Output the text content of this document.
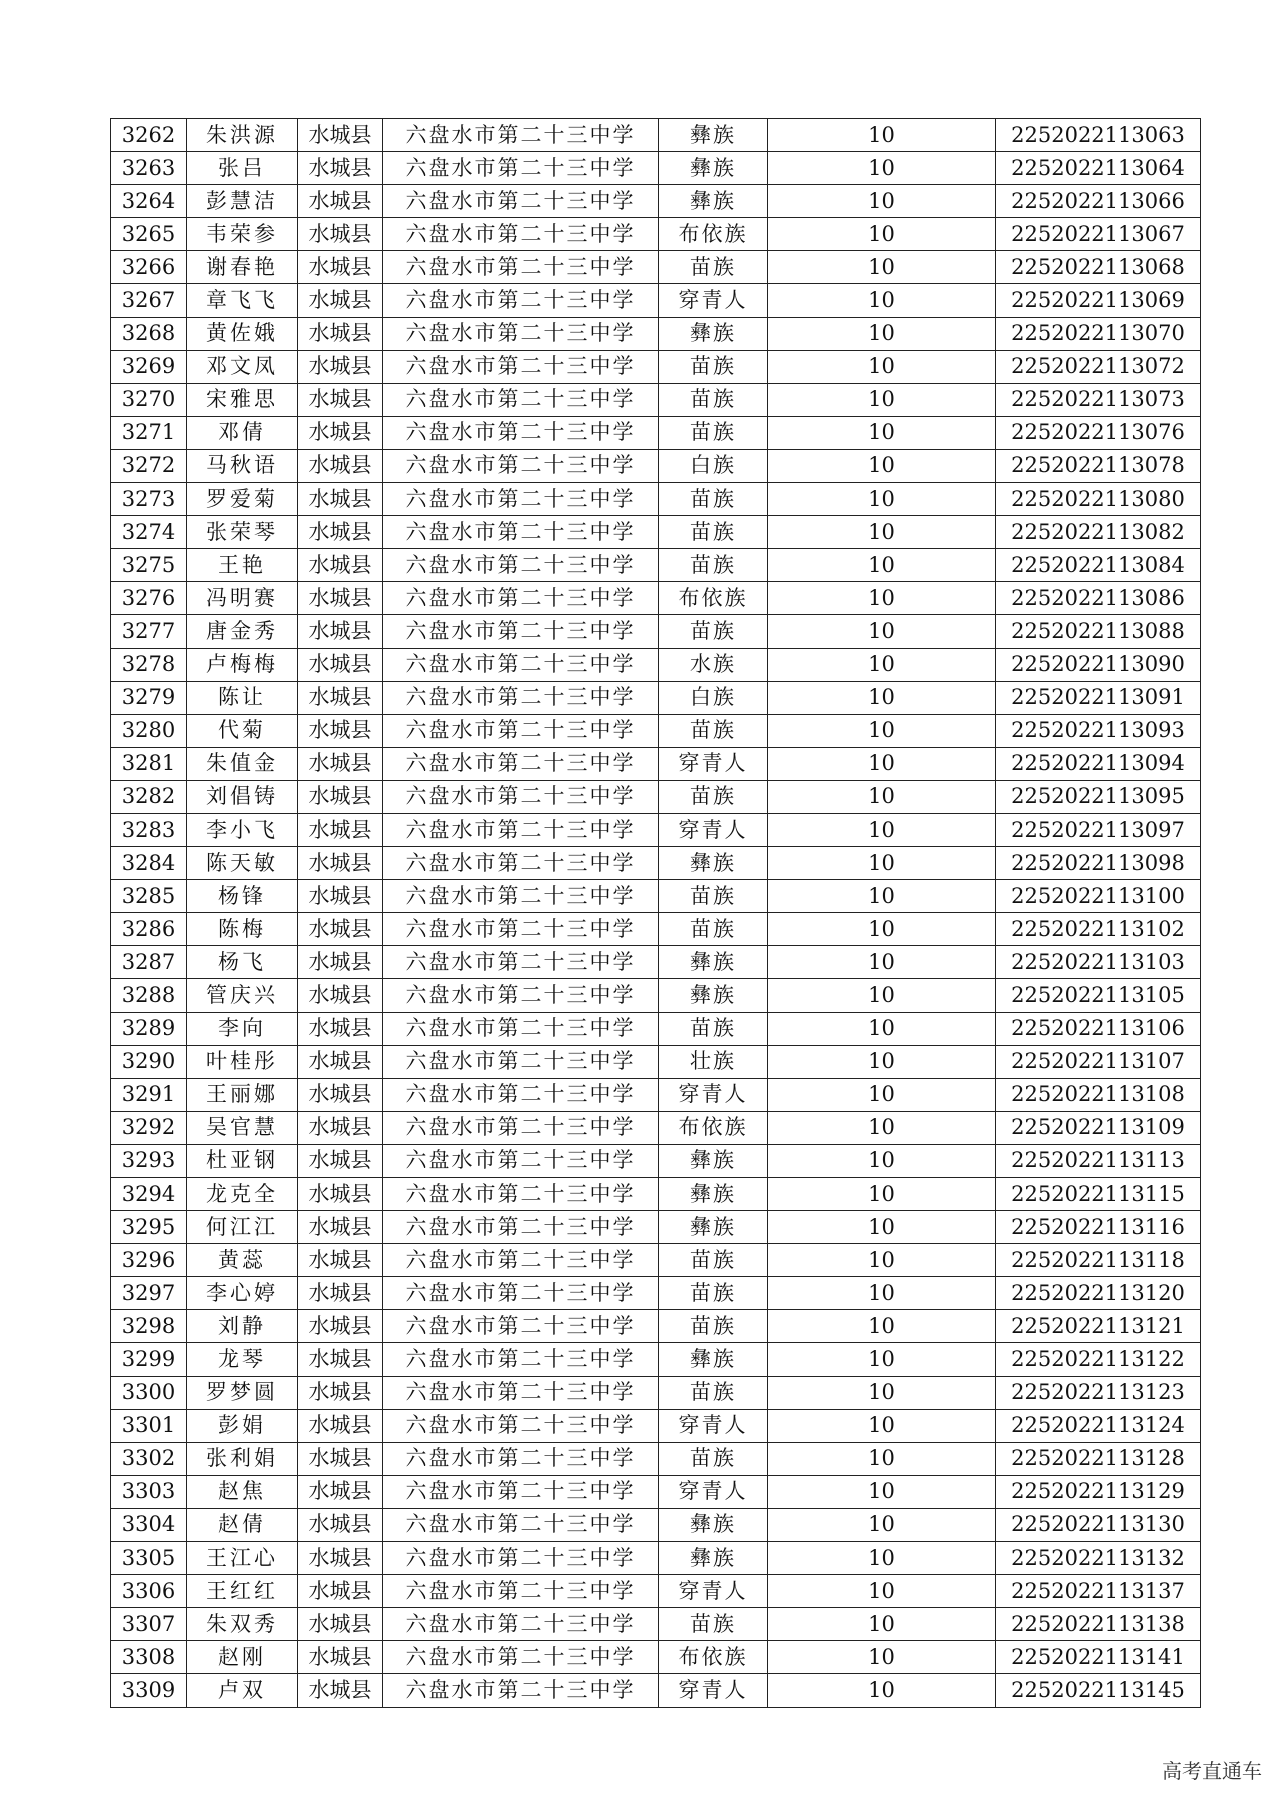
3262	朱洪源	水城县	六盘水市第二十三中学	彝族	10	2252022113063
3263	张吕	水城县	六盘水市第二十三中学	彝族	10	2252022113064
3264	彭慧洁	水城县	六盘水市第二十三中学	彝族	10	2252022113066
3265	韦荣参	水城县	六盘水市第二十三中学	布依族	10	2252022113067
3266	谢春艳	水城县	六盘水市第二十三中学	苗族	10	2252022113068
3267	章飞飞	水城县	六盘水市第二十三中学	穿青人	10	2252022113069
3268	黄佐娥	水城县	六盘水市第二十三中学	彝族	10	2252022113070
3269	邓文凤	水城县	六盘水市第二十三中学	苗族	10	2252022113072
3270	宋雅思	水城县	六盘水市第二十三中学	苗族	10	2252022113073
3271	邓倩	水城县	六盘水市第二十三中学	苗族	10	2252022113076
3272	马秋语	水城县	六盘水市第二十三中学	白族	10	2252022113078
3273	罗爱菊	水城县	六盘水市第二十三中学	苗族	10	2252022113080
3274	张荣琴	水城县	六盘水市第二十三中学	苗族	10	2252022113082
3275	王艳	水城县	六盘水市第二十三中学	苗族	10	2252022113084
3276	冯明赛	水城县	六盘水市第二十三中学	布依族	10	2252022113086
3277	唐金秀	水城县	六盘水市第二十三中学	苗族	10	2252022113088
3278	卢梅梅	水城县	六盘水市第二十三中学	水族	10	2252022113090
3279	陈让	水城县	六盘水市第二十三中学	白族	10	2252022113091
3280	代菊	水城县	六盘水市第二十三中学	苗族	10	2252022113093
3281	朱值金	水城县	六盘水市第二十三中学	穿青人	10	2252022113094
3282	刘倡铸	水城县	六盘水市第二十三中学	苗族	10	2252022113095
3283	李小飞	水城县	六盘水市第二十三中学	穿青人	10	2252022113097
3284	陈天敏	水城县	六盘水市第二十三中学	彝族	10	2252022113098
3285	杨锋	水城县	六盘水市第二十三中学	苗族	10	2252022113100
3286	陈梅	水城县	六盘水市第二十三中学	苗族	10	2252022113102
3287	杨飞	水城县	六盘水市第二十三中学	彝族	10	2252022113103
3288	管庆兴	水城县	六盘水市第二十三中学	彝族	10	2252022113105
3289	李向	水城县	六盘水市第二十三中学	苗族	10	2252022113106
3290	叶桂彤	水城县	六盘水市第二十三中学	壮族	10	2252022113107
3291	王丽娜	水城县	六盘水市第二十三中学	穿青人	10	2252022113108
3292	吴官慧	水城县	六盘水市第二十三中学	布依族	10	2252022113109
3293	杜亚钢	水城县	六盘水市第二十三中学	彝族	10	2252022113113
3294	龙克全	水城县	六盘水市第二十三中学	彝族	10	2252022113115
3295	何江江	水城县	六盘水市第二十三中学	彝族	10	2252022113116
3296	黄蕊	水城县	六盘水市第二十三中学	苗族	10	2252022113118
3297	李心婷	水城县	六盘水市第二十三中学	苗族	10	2252022113120
3298	刘静	水城县	六盘水市第二十三中学	苗族	10	2252022113121
3299	龙琴	水城县	六盘水市第二十三中学	彝族	10	2252022113122
3300	罗梦圆	水城县	六盘水市第二十三中学	苗族	10	2252022113123
3301	彭娟	水城县	六盘水市第二十三中学	穿青人	10	2252022113124
3302	张利娟	水城县	六盘水市第二十三中学	苗族	10	2252022113128
3303	赵焦	水城县	六盘水市第二十三中学	穿青人	10	2252022113129
3304	赵倩	水城县	六盘水市第二十三中学	彝族	10	2252022113130
3305	王江心	水城县	六盘水市第二十三中学	彝族	10	2252022113132
3306	王红红	水城县	六盘水市第二十三中学	穿青人	10	2252022113137
3307	朱双秀	水城县	六盘水市第二十三中学	苗族	10	2252022113138
3308	赵刚	水城县	六盘水市第二十三中学	布依族	10	2252022113141
3309	卢双	水城县	六盘水市第二十三中学	穿青人	10	2252022113145
高考直通车
